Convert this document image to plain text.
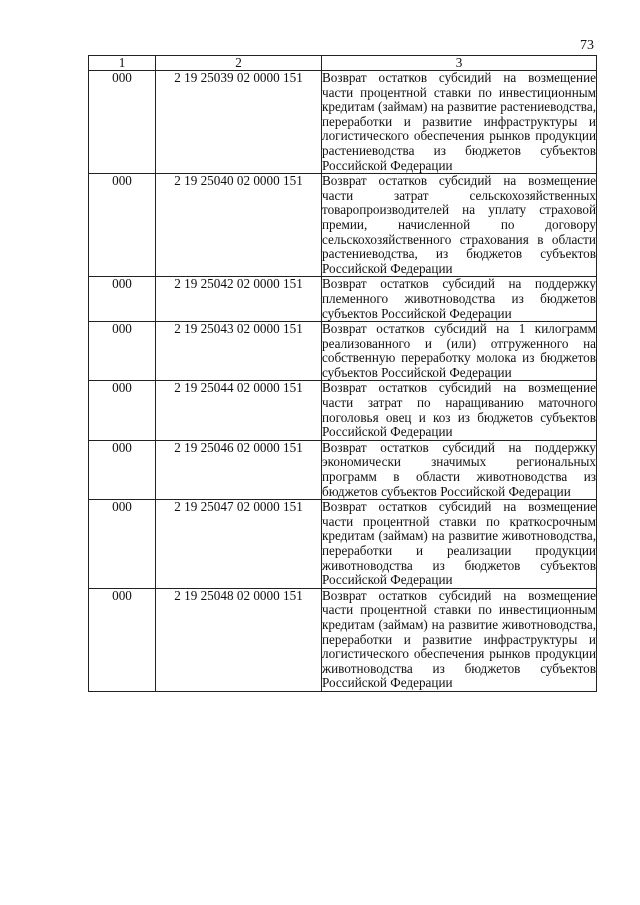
73
1	2	3
000	2 19 25039 02 0000 151	Возврат остатков субсидий на возмещение части процентной ставки по инвестиционным кредитам (займам) на развитие растениеводства, переработки и развитие инфраструктуры и логистического обеспечения рынков продукции растениеводства из бюджетов субъектов Российской Федерации
000	2 19 25040 02 0000 151	Возврат остатков субсидий на возмещение части затрат сельскохозяйственных товаропроизводителей на уплату страховой премии, начисленной по договору сельскохозяйственного страхования в области растениеводства, из бюджетов субъектов Российской Федерации
000	2 19 25042 02 0000 151	Возврат остатков субсидий на поддержку племенного животноводства из бюджетов субъектов Российской Федерации
000	2 19 25043 02 0000 151	Возврат остатков субсидий на 1 килограмм реализованного и (или) отгруженного на собственную переработку молока из бюджетов субъектов Российской Федерации
000	2 19 25044 02 0000 151	Возврат остатков субсидий на возмещение части затрат по наращиванию маточного поголовья овец и коз из бюджетов субъектов Российской Федерации
000	2 19 25046 02 0000 151	Возврат остатков субсидий на поддержку экономически значимых региональных программ в области животноводства из бюджетов субъектов Российской Федерации
000	2 19 25047 02 0000 151	Возврат остатков субсидий на возмещение части процентной ставки по краткосрочным кредитам (займам) на развитие животноводства, переработки и реализации продукции животноводства из бюджетов субъектов Российской Федерации
000	2 19 25048 02 0000 151	Возврат остатков субсидий на возмещение части процентной ставки по инвестиционным кредитам (займам) на развитие животноводства, переработки и развитие инфраструктуры и логистического обеспечения рынков продукции животноводства из бюджетов субъектов Российской Федерации
